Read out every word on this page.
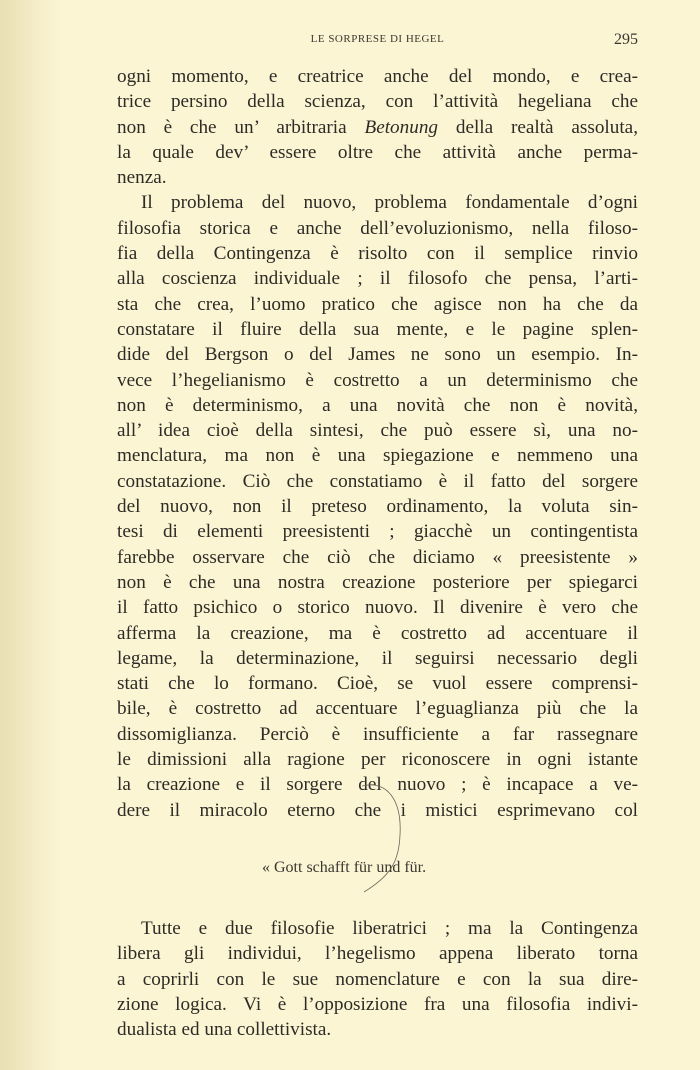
LE SORPRESE DI HEGEL	295

ogni momento, e creatrice anche del mondo, e crea-
trice persino della scienza, con l’attività hegeliana che
non è che un’ arbitraria Betonung della realtà assoluta,
la quale dev’ essere oltre che attività anche perma-
nenza.

Il problema del nuovo, problema fondamentale d’ogni
filosofia storica e anche dell’evoluzionismo, nella filoso-
fia della Contingenza è risolto con il semplice rinvio
alla coscienza individuale ; il filosofo che pensa, l’arti-
sta che crea, l’uomo pratico che agisce non ha che da
constatare il fluire della sua mente, e le pagine splen-
dide del Bergson o del James ne sono un esempio. In-
vece l’hegelianismo è costretto a un determinismo che
non è determinismo, a una novità che non è novità,
all’ idea cioè della sintesi, che può essere sì, una no-
menclatura, ma non è una spiegazione e nemmeno una
constatazione. Ciò che constatiamo è il fatto del sorgere
del nuovo, non il preteso ordinamento, la voluta sin-
tesi di elementi preesistenti ; giacchè un contingentista
farebbe osservare che ciò che diciamo « preesistente »
non è che una nostra creazione posteriore per spiegarci
il fatto psichico o storico nuovo. Il divenire è vero che
afferma la creazione, ma è costretto ad accentuare il
legame, la determinazione, il seguirsi necessario degli
stati che lo formano. Cioè, se vuol essere comprensi-
bile, è costretto ad accentuare l’eguaglianza più che la
dissomiglianza. Perciò è insufficiente a far rassegnare
le dimissioni alla ragione per riconoscere in ogni istante
la creazione e il sorgere del nuovo ; è incapace a ve-
dere il miracolo eterno che i mistici esprimevano col

« Gott schafft für und für.

Tutte e due filosofie liberatrici ; ma la Contingenza
libera gli individui, l’hegelismo appena liberato torna
a coprirli con le sue nomenclature e con la sua dire-
zione logica. Vi è l’opposizione fra una filosofia indivi-
dualista ed una collettivista.
